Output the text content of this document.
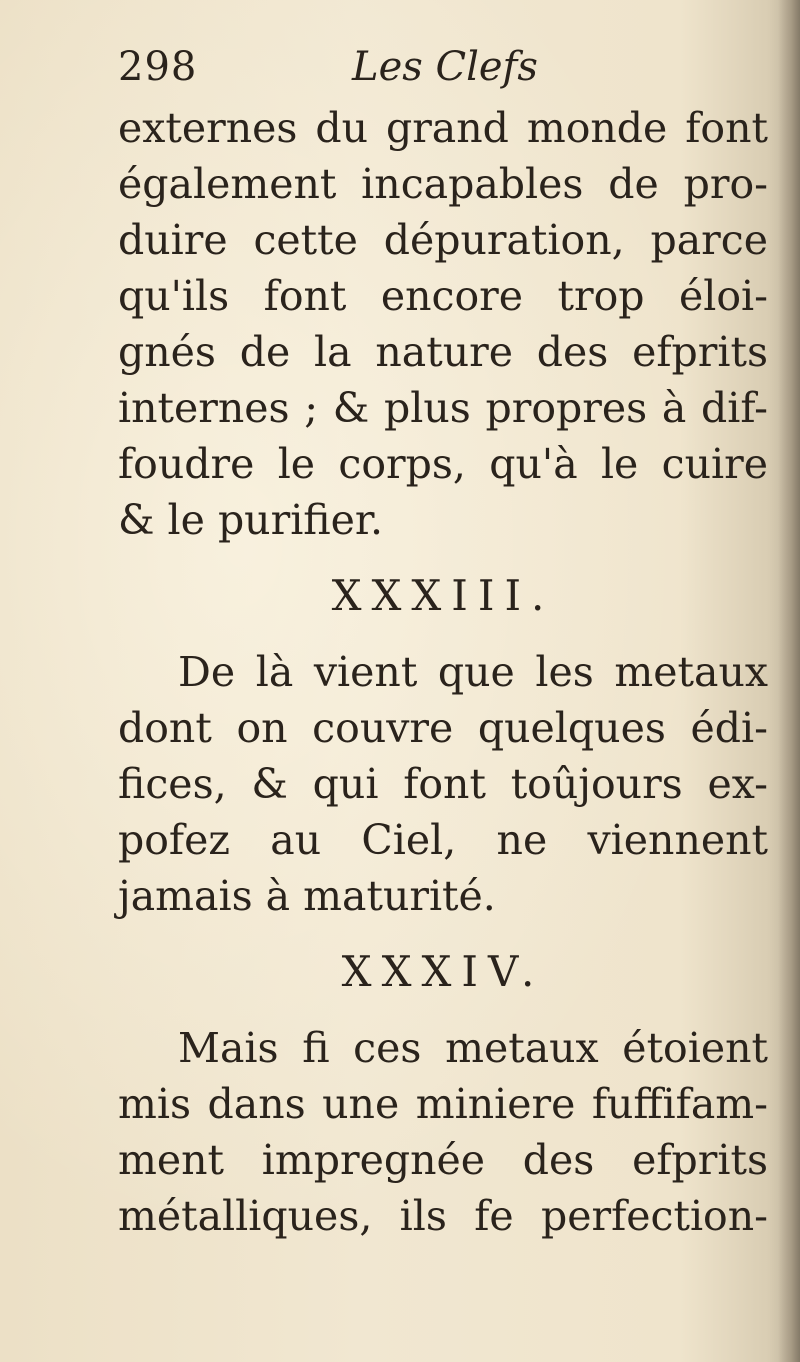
298	Les Clefs
externes du grand monde font
également incapables de pro-
duire cette dépuration, parce
qu'ils font encore trop éloi-
gnés de la nature des efprits
internes ; & plus propres à dif-
foudre le corps, qu'à le cuire
& le purifier.
XXXIII.
De là vient que les metaux
dont on couvre quelques édi-
fices, & qui font toûjours ex-
pofez au Ciel, ne viennent
jamais à maturité.
XXXIV.
Mais fi ces metaux étoient
mis dans une miniere fuffifam-
ment impregnée des efprits
métalliques, ils fe perfection-
